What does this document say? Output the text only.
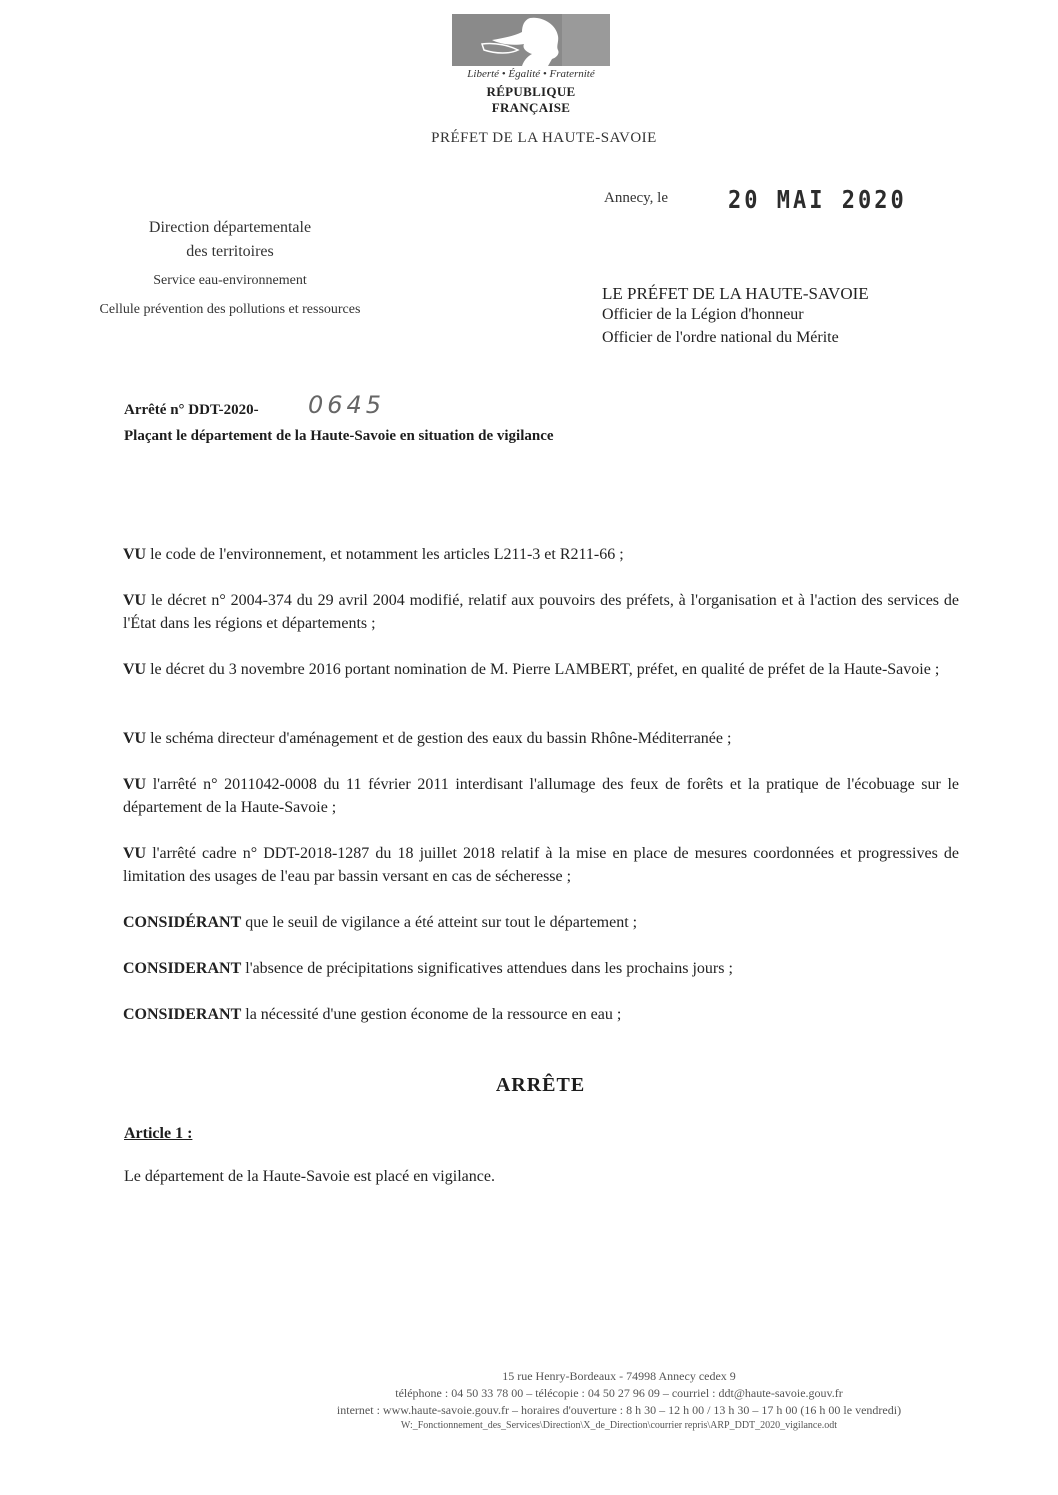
Liberté • Égalité • Fraternité
RÉPUBLIQUE FRANÇAISE
PRÉFET DE LA HAUTE-SAVOIE
Annecy, le	20 MAI 2020
Direction départementale
des territoires
Service eau-environnement
Cellule prévention des pollutions et ressources
LE PRÉFET DE LA HAUTE-SAVOIE
Officier de la Légion d'honneur
Officier de l'ordre national du Mérite
Arrêté n° DDT-2020- 0645
Plaçant le département de la Haute-Savoie en situation de vigilance
VU le code de l'environnement, et notamment les articles L211-3 et R211-66 ;
VU le décret n° 2004-374 du 29 avril 2004 modifié, relatif aux pouvoirs des préfets, à l'organisation et à l'action des services de l'État dans les régions et départements ;
VU le décret du 3 novembre 2016 portant nomination de M. Pierre LAMBERT, préfet, en qualité de préfet de la Haute-Savoie ;
VU le schéma directeur d'aménagement et de gestion des eaux du bassin Rhône-Méditerranée ;
VU l'arrêté n° 2011042-0008 du 11 février 2011 interdisant l'allumage des feux de forêts et la pratique de l'écobuage sur le département de la Haute-Savoie ;
VU l'arrêté cadre n° DDT-2018-1287 du 18 juillet 2018 relatif à la mise en place de mesures coordonnées et progressives de limitation des usages de l'eau par bassin versant en cas de sécheresse ;
CONSIDÉRANT que le seuil de vigilance a été atteint sur tout le département ;
CONSIDERANT l'absence de précipitations significatives attendues dans les prochains jours ;
CONSIDERANT la nécessité d'une gestion économe de la ressource en eau ;
ARRÊTE
Article 1 :
Le département de la Haute-Savoie est placé en vigilance.
15 rue Henry-Bordeaux - 74998 Annecy cedex 9
téléphone : 04 50 33 78 00 – télécopie : 04 50 27 96 09 – courriel : ddt@haute-savoie.gouv.fr
internet : www.haute-savoie.gouv.fr – horaires d'ouverture : 8 h 30 – 12 h 00 / 13 h 30 – 17 h 00 (16 h 00 le vendredi)
W:_Fonctionnement_des_Services\Direction\X_de_Direction\courrier repris\ARP_DDT_2020_vigilance.odt
